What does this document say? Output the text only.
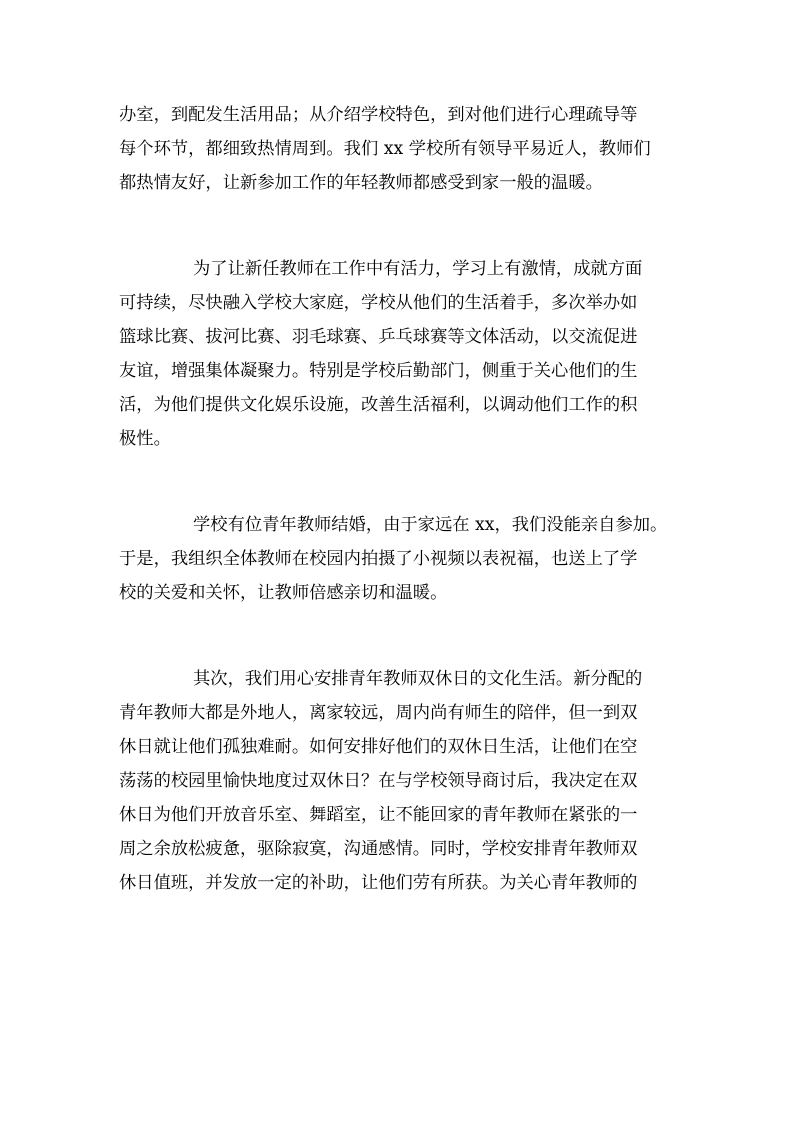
办室，到配发生活用品；从介绍学校特色，到对他们进行心理疏导等
每个环节，都细致热情周到。我们 xx 学校所有领导平易近人，教师们
都热情友好，让新参加工作的年轻教师都感受到家一般的温暖。
为了让新任教师在工作中有活力，学习上有激情，成就方面
可持续，尽快融入学校大家庭，学校从他们的生活着手，多次举办如
篮球比赛、拔河比赛、羽毛球赛、乒乓球赛等文体活动，以交流促进
友谊，增强集体凝聚力。特别是学校后勤部门，侧重于关心他们的生
活，为他们提供文化娱乐设施，改善生活福利，以调动他们工作的积
极性。
学校有位青年教师结婚，由于家远在 xx，我们没能亲自参加。
于是，我组织全体教师在校园内拍摄了小视频以表祝福，也送上了学
校的关爱和关怀，让教师倍感亲切和温暖。
其次，我们用心安排青年教师双休日的文化生活。新分配的
青年教师大都是外地人，离家较远，周内尚有师生的陪伴，但一到双
休日就让他们孤独难耐。如何安排好他们的双休日生活，让他们在空
荡荡的校园里愉快地度过双休日？在与学校领导商讨后，我决定在双
休日为他们开放音乐室、舞蹈室，让不能回家的青年教师在紧张的一
周之余放松疲惫，驱除寂寞，沟通感情。同时，学校安排青年教师双
休日值班，并发放一定的补助，让他们劳有所获。为关心青年教师的
